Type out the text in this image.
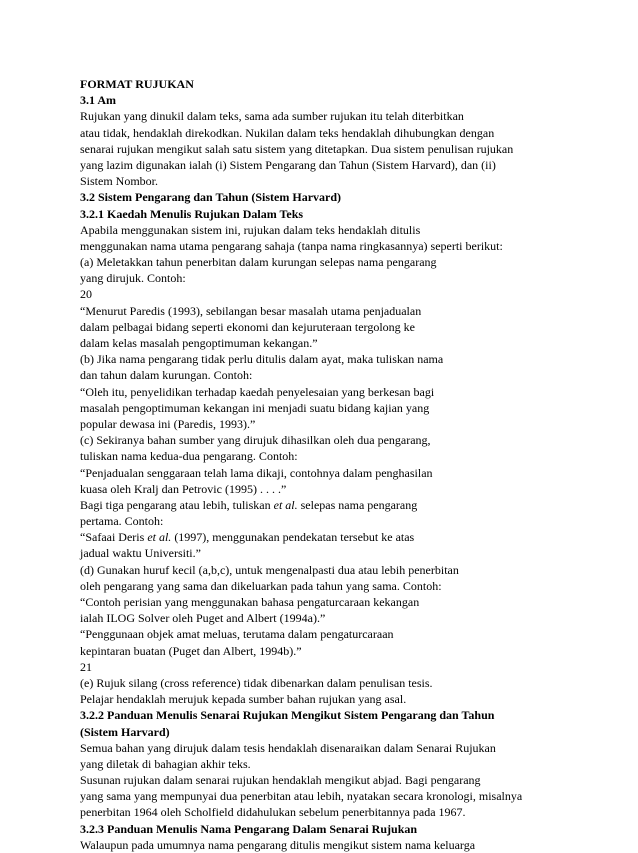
FORMAT RUJUKAN
3.1 Am
Rujukan yang dinukil dalam teks, sama ada sumber rujukan itu telah diterbitkan
atau tidak, hendaklah direkodkan. Nukilan dalam teks hendaklah dihubungkan dengan
senarai rujukan mengikut salah satu sistem yang ditetapkan. Dua sistem penulisan rujukan
yang lazim digunakan ialah (i) Sistem Pengarang dan Tahun (Sistem Harvard), dan (ii)
Sistem Nombor.
3.2 Sistem Pengarang dan Tahun (Sistem Harvard)
3.2.1 Kaedah Menulis Rujukan Dalam Teks
Apabila menggunakan sistem ini, rujukan dalam teks hendaklah ditulis
menggunakan nama utama pengarang sahaja (tanpa nama ringkasannya) seperti berikut:
(a) Meletakkan tahun penerbitan dalam kurungan selepas nama pengarang
yang dirujuk. Contoh:
20
“Menurut Paredis (1993), sebilangan besar masalah utama penjadualan
dalam pelbagai bidang seperti ekonomi dan kejuruteraan tergolong ke
dalam kelas masalah pengoptimuman kekangan.”
(b) Jika nama pengarang tidak perlu ditulis dalam ayat, maka tuliskan nama
dan tahun dalam kurungan. Contoh:
“Oleh itu, penyelidikan terhadap kaedah penyelesaian yang berkesan bagi
masalah pengoptimuman kekangan ini menjadi suatu bidang kajian yang
popular dewasa ini (Paredis, 1993).”
(c) Sekiranya bahan sumber yang dirujuk dihasilkan oleh dua pengarang,
tuliskan nama kedua-dua pengarang. Contoh:
“Penjadualan senggaraan telah lama dikaji, contohnya dalam penghasilan
kuasa oleh Kralj dan Petrovic (1995) . . . .”
Bagi tiga pengarang atau lebih, tuliskan et al. selepas nama pengarang
pertama. Contoh:
“Safaai Deris et al. (1997), menggunakan pendekatan tersebut ke atas
jadual waktu Universiti.”
(d) Gunakan huruf kecil (a,b,c), untuk mengenalpasti dua atau lebih penerbitan
oleh pengarang yang sama dan dikeluarkan pada tahun yang sama. Contoh:
“Contoh perisian yang menggunakan bahasa pengaturcaraan kekangan
ialah ILOG Solver oleh Puget and Albert (1994a).”
“Penggunaan objek amat meluas, terutama dalam pengaturcaraan
kepintaran buatan (Puget dan Albert, 1994b).”
21
(e) Rujuk silang (cross reference) tidak dibenarkan dalam penulisan tesis.
Pelajar hendaklah merujuk kepada sumber bahan rujukan yang asal.
3.2.2 Panduan Menulis Senarai Rujukan Mengikut Sistem Pengarang dan Tahun
(Sistem Harvard)
Semua bahan yang dirujuk dalam tesis hendaklah disenaraikan dalam Senarai Rujukan
yang diletak di bahagian akhir teks.
Susunan rujukan dalam senarai rujukan hendaklah mengikut abjad. Bagi pengarang
yang sama yang mempunyai dua penerbitan atau lebih, nyatakan secara kronologi, misalnya
penerbitan 1964 oleh Scholfield didahulukan sebelum penerbitannya pada 1967.
3.2.3 Panduan Menulis Nama Pengarang Dalam Senarai Rujukan
Walaupun pada umumnya nama pengarang ditulis mengikut sistem nama keluarga
